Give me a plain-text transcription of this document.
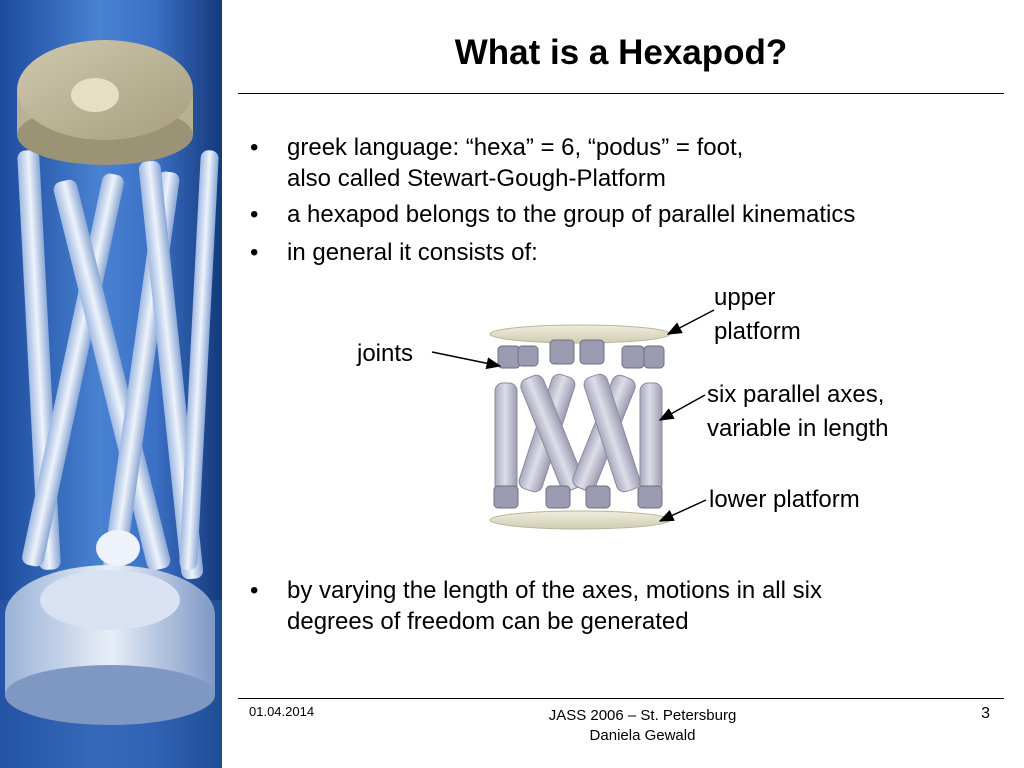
What is a Hexapod?
• greek language: “hexa” = 6, “podus” = foot,
also called Stewart-Gough-Platform
• a hexapod belongs to the group of parallel kinematics
• in general it consists of:
upper
platform
joints
six parallel axes,
variable in length
lower platform
• by varying the length of the axes, motions in all six
degrees of freedom can be generated
01.04.2014	JASS 2006 – St. Petersburg
Daniela Gewald
3
